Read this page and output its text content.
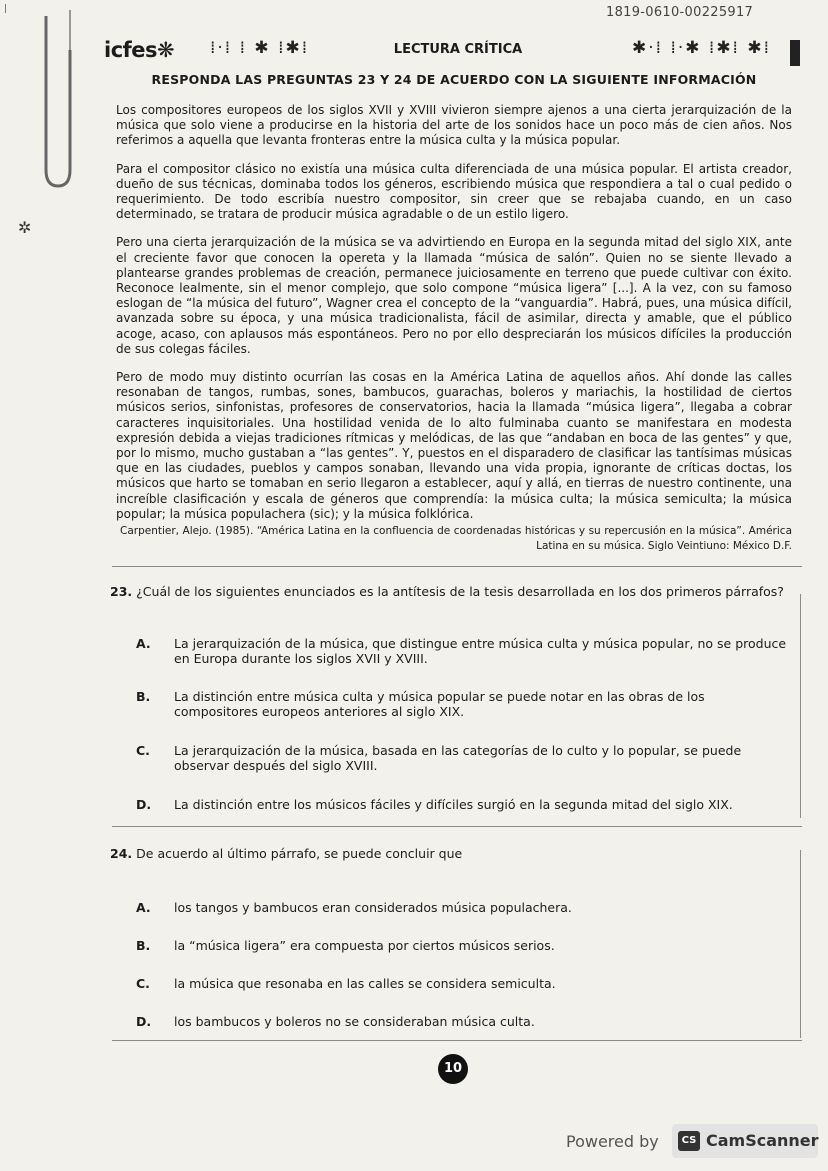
|
✲
1819-0610-00225917
icfes❋ ⁞·⁞ ⁞ ✱ ⁞✱⁞	LECTURA CRÍTICA	✱·⁞ ⁞·✱ ⁞✱⁞ ✱⁞
RESPONDA LAS PREGUNTAS 23 Y 24 DE ACUERDO CON LA SIGUIENTE INFORMACIÓN

Los compositores europeos de los siglos XVII y XVIII vivieron siempre ajenos a una cierta jerarquización de la música que solo viene a producirse en la historia del arte de los sonidos hace un poco más de cien años. Nos referimos a aquella que levanta fronteras entre la música culta y la música popular.

Para el compositor clásico no existía una música culta diferenciada de una música popular. El artista creador, dueño de sus técnicas, dominaba todos los géneros, escribiendo música que respondiera a tal o cual pedido o requerimiento. De todo escribía nuestro compositor, sin creer que se rebajaba cuando, en un caso determinado, se tratara de producir música agradable o de un estilo ligero.

Pero una cierta jerarquización de la música se va advirtiendo en Europa en la segunda mitad del siglo XIX, ante el creciente favor que conocen la opereta y la llamada “música de salón”. Quien no se siente llevado a plantearse grandes problemas de creación, permanece juiciosamente en terreno que puede cultivar con éxito. Reconoce lealmente, sin el menor complejo, que solo compone “música ligera” [...]. A la vez, con su famoso eslogan de “la música del futuro”, Wagner crea el concepto de la “vanguardia”. Habrá, pues, una música difícil, avanzada sobre su época, y una música tradicionalista, fácil de asimilar, directa y amable, que el público acoge, acaso, con aplausos más espontáneos. Pero no por ello despreciarán los músicos difíciles la producción de sus colegas fáciles.

Pero de modo muy distinto ocurrían las cosas en la América Latina de aquellos años. Ahí donde las calles resonaban de tangos, rumbas, sones, bambucos, guarachas, boleros y mariachis, la hostilidad de ciertos músicos serios, sinfonistas, profesores de conservatorios, hacia la llamada “música ligera”, llegaba a cobrar caracteres inquisitoriales. Una hostilidad venida de lo alto fulminaba cuanto se manifestara en modesta expresión debida a viejas tradiciones rítmicas y melódicas, de las que “andaban en boca de las gentes” y que, por lo mismo, mucho gustaban a “las gentes”. Y, puestos en el disparadero de clasificar las tantísimas músicas que en las ciudades, pueblos y campos sonaban, llevando una vida propia, ignorante de críticas doctas, los músicos que harto se tomaban en serio llegaron a establecer, aquí y allá, en tierras de nuestro continente, una increíble clasificación y escala de géneros que comprendía: la música culta; la música semiculta; la música popular; la música populachera (sic); y la música folklórica.

Carpentier, Alejo. (1985). “América Latina en la confluencia de coordenadas históricas y su repercusión en la música”. América Latina en su música. Siglo Veintiuno: México D.F.
23. ¿Cuál de los siguientes enunciados es la antítesis de la tesis desarrollada en los dos primeros párrafos?
A. La jerarquización de la música, que distingue entre música culta y música popular, no se produce en Europa durante los siglos XVII y XVIII.
B. La distinción entre música culta y música popular se puede notar en las obras de los compositores europeos anteriores al siglo XIX.
C. La jerarquización de la música, basada en las categorías de lo culto y lo popular, se puede observar después del siglo XVIII.
D. La distinción entre los músicos fáciles y difíciles surgió en la segunda mitad del siglo XIX.
24. De acuerdo al último párrafo, se puede concluir que
A. los tangos y bambucos eran considerados música populachera.
B. la “música ligera” era compuesta por ciertos músicos serios.
C. la música que resonaba en las calles se considera semiculta.
D. los bambucos y boleros no se consideraban música culta.
10
Powered by	CS CamScanner
